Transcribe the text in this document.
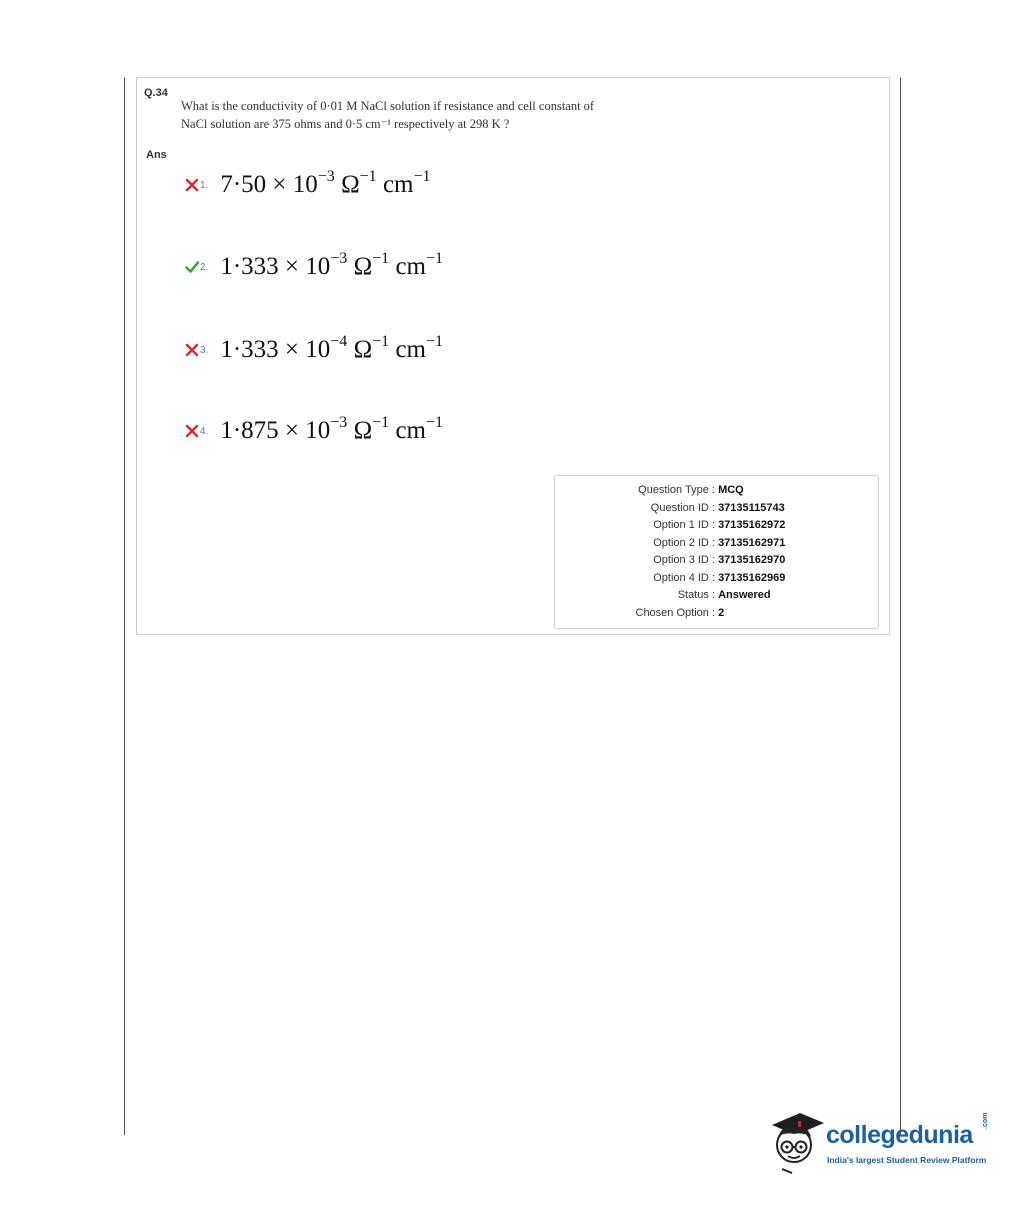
Q.34
What is the conductivity of 0·01 M NaCl solution if resistance and cell constant of
NaCl solution are 375 ohms and 0·5 cm⁻¹ respectively at 298 K ?
Ans
1. $7\cdot 50 \times 10^{-3}$ $\Omega^{-1}$ $cm^{-1}$
2. $1\cdot 333 \times 10^{-3}$ $\Omega^{-1}$ $cm^{-1}$
3. $1\cdot 333 \times 10^{-4}$ $\Omega^{-1}$ $cm^{-1}$
4. $1\cdot 875 \times 10^{-3}$ $\Omega^{-1}$ $cm^{-1}$
Question Type : MCQ
Question ID : 37135115743
Option 1 ID : 37135162972
Option 2 ID : 37135162971
Option 3 ID : 37135162970
Option 4 ID : 37135162969
Status : Answered
Chosen Option : 2
collegedunia
.com
India's largest Student Review Platform
